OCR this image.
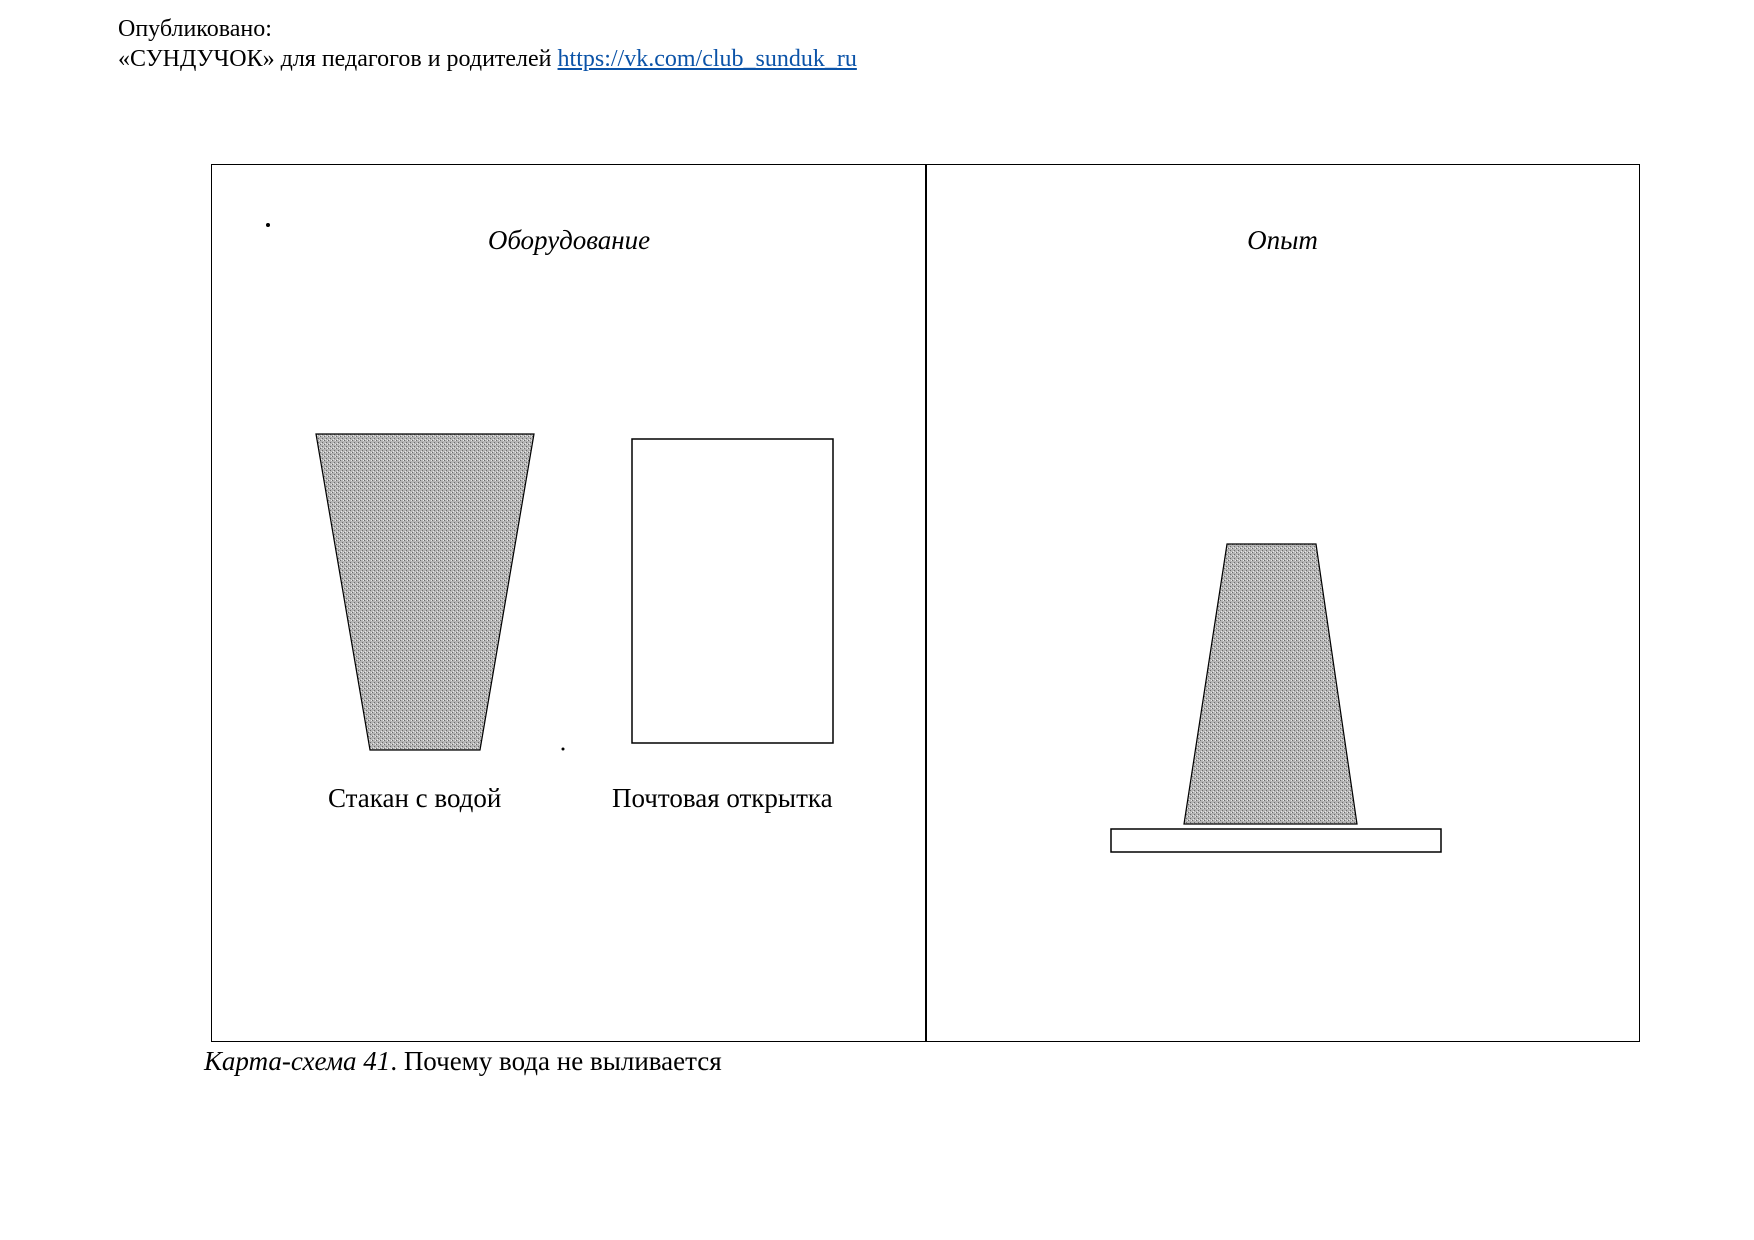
Опубликовано:
«СУНДУЧОК» для педагогов и родителей https://vk.com/club_sunduk_ru
Оборудование
Стакан с водой	Почтовая открытка
Опыт
Карта-схема 41. Почему вода не выливается
